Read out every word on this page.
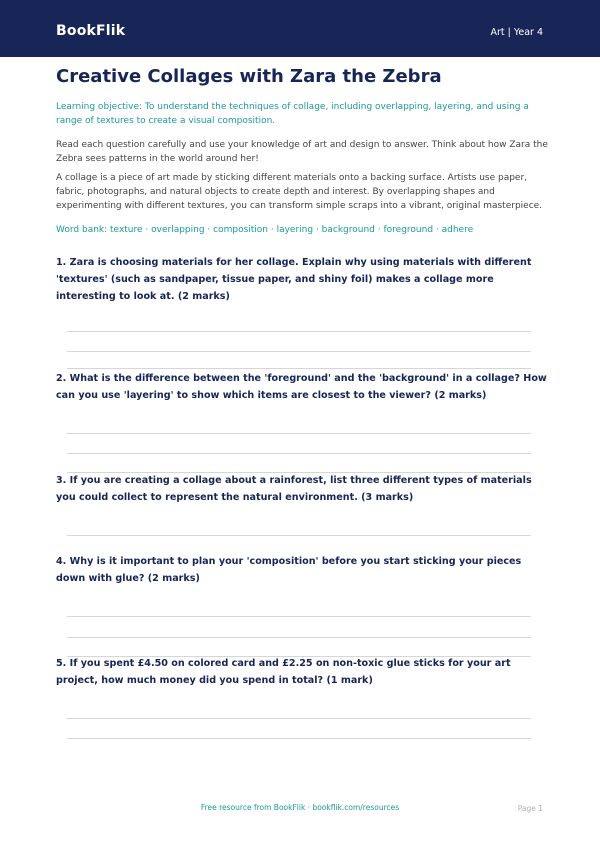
BookFlik	Art | Year 4
Creative Collages with Zara the Zebra

Learning objective: To understand the techniques of collage, including overlapping, layering, and using a range of textures to create a visual composition.

Read each question carefully and use your knowledge of art and design to answer. Think about how Zara the Zebra sees patterns in the world around her!

A collage is a piece of art made by sticking different materials onto a backing surface. Artists use paper, fabric, photographs, and natural objects to create depth and interest. By overlapping shapes and experimenting with different textures, you can transform simple scraps into a vibrant, original masterpiece.

Word bank: texture · overlapping · composition · layering · background · foreground · adhere

1. Zara is choosing materials for her collage. Explain why using materials with different 'textures' (such as sandpaper, tissue paper, and shiny foil) makes a collage more interesting to look at. (2 marks)

2. What is the difference between the 'foreground' and the 'background' in a collage? How can you use 'layering' to show which items are closest to the viewer? (2 marks)

3. If you are creating a collage about a rainforest, list three different types of materials you could collect to represent the natural environment. (3 marks)

4. Why is it important to plan your 'composition' before you start sticking your pieces down with glue? (2 marks)

5. If you spent £4.50 on colored card and £2.25 on non-toxic glue sticks for your art project, how much money did you spend in total? (1 mark)

Free resource from BookFlik · bookflik.com/resources	Page 1
